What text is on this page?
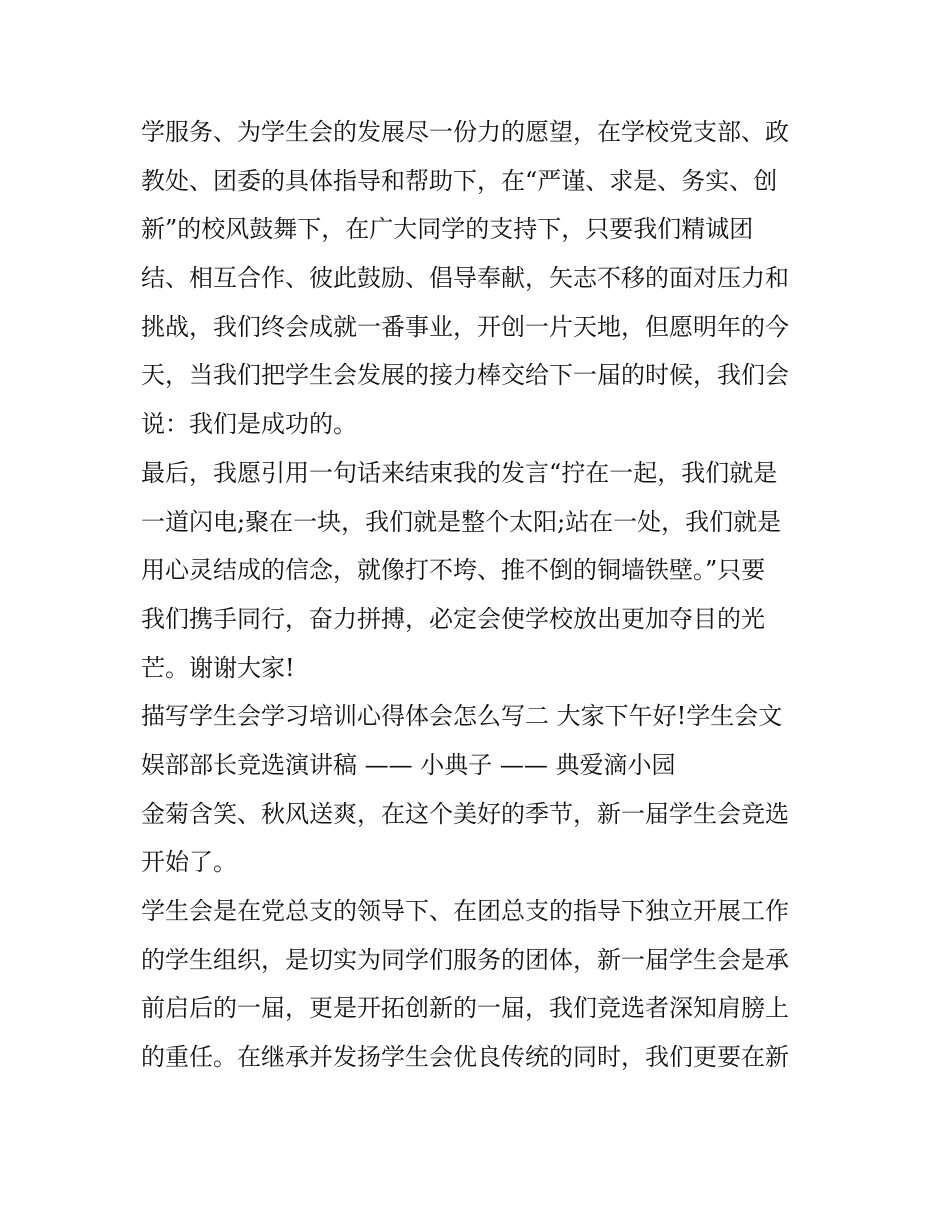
学服务、为学生会的发展尽一份力的愿望，在学校党支部、政
教处、团委的具体指导和帮助下，在“严谨、求是、务实、创
新”的校风鼓舞下，在广大同学的支持下，只要我们精诚团
结、相互合作、彼此鼓励、倡导奉献，矢志不移的面对压力和
挑战，我们终会成就一番事业，开创一片天地，但愿明年的今
天，当我们把学生会发展的接力棒交给下一届的时候，我们会
说：我们是成功的。
最后，我愿引用一句话来结束我的发言“拧在一起，我们就是
一道闪电;聚在一块，我们就是整个太阳;站在一处，我们就是
用心灵结成的信念，就像打不垮、推不倒的铜墙铁壁。”只要
我们携手同行，奋力拼搏，必定会使学校放出更加夺目的光
芒。谢谢大家!
描写学生会学习培训心得体会怎么写二 大家下午好!学生会文
娱部部长竞选演讲稿 —— 小典子 —— 典爱滴小园
金菊含笑、秋风送爽，在这个美好的季节，新一届学生会竞选
开始了。
学生会是在党总支的领导下、在团总支的指导下独立开展工作
的学生组织，是切实为同学们服务的团体，新一届学生会是承
前启后的一届，更是开拓创新的一届，我们竞选者深知肩膀上
的重任。在继承并发扬学生会优良传统的同时，我们更要在新
